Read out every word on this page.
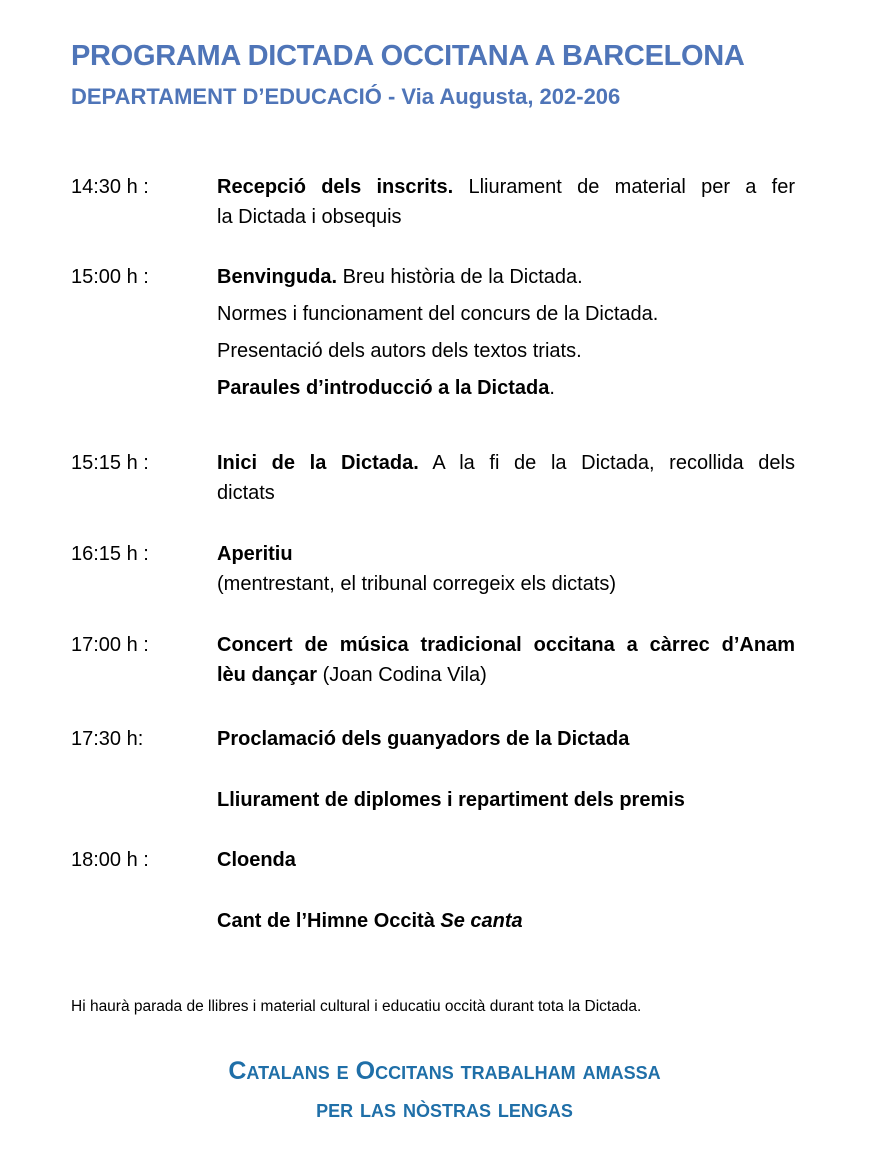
PROGRAMA DICTADA OCCITANA A BARCELONA
DEPARTAMENT D’EDUCACIÓ - Via Augusta, 202-206
14:30 h :	Recepció dels inscrits. Lliurament de material per a fer
la Dictada i obsequis
15:00 h :	Benvinguda. Breu història de la Dictada.
Normes i funcionament del concurs de la Dictada.
Presentació dels autors dels textos triats.
Paraules d’introducció a la Dictada.
15:15 h :	Inici de la Dictada. A la fi de la Dictada, recollida dels
dictats
16:15 h :	Aperitiu
(mentrestant, el tribunal corregeix els dictats)
17:00 h :	Concert de música tradicional occitana a càrrec d’Anam
lèu dançar (Joan Codina Vila)
17:30 h:	Proclamació dels guanyadors de la Dictada
Lliurament de diplomes i repartiment dels premis
18:00 h :	Cloenda
Cant de l’Himne Occità Se canta
Hi haurà parada de llibres i material cultural i educatiu occità durant tota la Dictada.
Catalans e Occitans trabalham amassa
per las nòstras lengas
